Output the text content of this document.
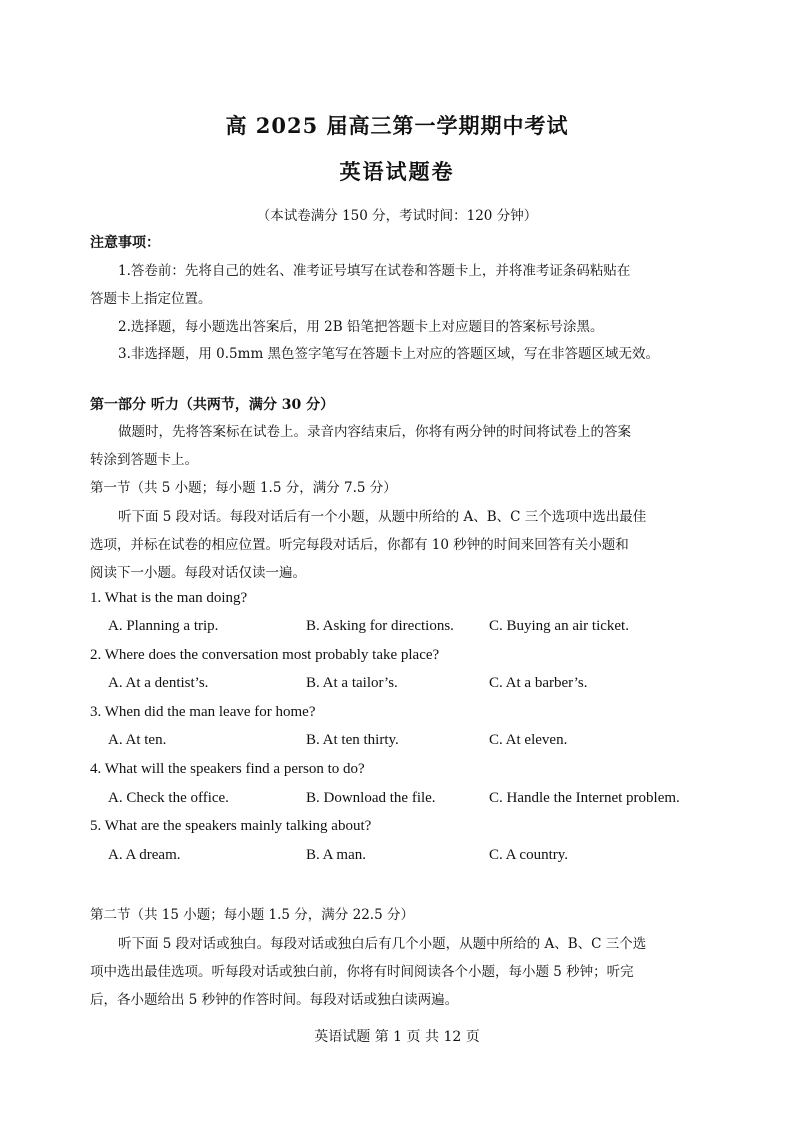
高 2025 届高三第一学期期中考试
英语试题卷
（本试卷满分 150 分，考试时间：120 分钟）
注意事项：
1.答卷前：先将自己的姓名、准考证号填写在试卷和答题卡上，并将准考证条码粘贴在
答题卡上指定位置。
2.选择题，每小题选出答案后，用 2B 铅笔把答题卡上对应题目的答案标号涂黑。
3.非选择题，用 0.5mm 黑色签字笔写在答题卡上对应的答题区域，写在非答题区域无效。
第一部分 听力（共两节，满分 30 分）
做题时，先将答案标在试卷上。录音内容结束后，你将有两分钟的时间将试卷上的答案
转涂到答题卡上。
第一节（共 5 小题；每小题 1.5 分，满分 7.5 分）
听下面 5 段对话。每段对话后有一个小题，从题中所给的 A、B、C 三个选项中选出最佳
选项，并标在试卷的相应位置。听完每段对话后，你都有 10 秒钟的时间来回答有关小题和
阅读下一小题。每段对话仅读一遍。
1. What is the man doing?
A. Planning a trip.	B. Asking for directions. C. Buying an air ticket.
2. Where does the conversation most probably take place?
A. At a dentist’s.	B. At a tailor’s.	C. At a barber’s.
3. When did the man leave for home?
A. At ten.	B. At ten thirty.	C. At eleven.
4. What will the speakers find a person to do?
A. Check the office.	B. Download the file.	C. Handle the Internet problem.
5. What are the speakers mainly talking about?
A. A dream.	B. A man.	C. A country.
第二节（共 15 小题；每小题 1.5 分，满分 22.5 分）
听下面 5 段对话或独白。每段对话或独白后有几个小题，从题中所给的 A、B、C 三个选
项中选出最佳选项。听每段对话或独白前，你将有时间阅读各个小题，每小题 5 秒钟；听完
后，各小题给出 5 秒钟的作答时间。每段对话或独白读两遍。
英语试题 第 1 页 共 12 页
